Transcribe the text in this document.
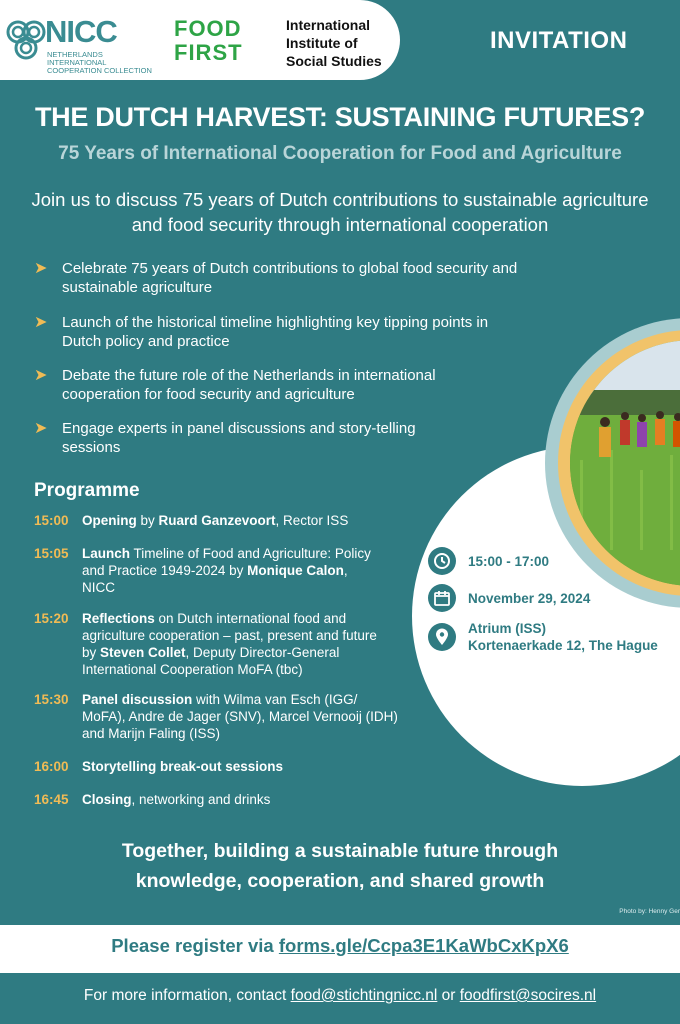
NICC
NETHERLANDS INTERNATIONAL COOPERATION COLLECTION
FOOD
FIRST
International Institute of Social Studies
INVITATION
THE DUTCH HARVEST: SUSTAINING FUTURES?
75 Years of International Cooperation for Food and Agriculture
Join us to discuss 75 years of Dutch contributions to sustainable agriculture and food security through international cooperation
➤ Celebrate 75 years of Dutch contributions to global food security and sustainable agriculture
➤ Launch of the historical timeline highlighting key tipping points in Dutch policy and practice
➤ Debate the future role of the Netherlands in international cooperation for food security and agriculture
➤ Engage experts in panel discussions and story-telling sessions
Programme
15:00 Opening by Ruard Ganzevoort, Rector ISS
15:05 Launch Timeline of Food and Agriculture: Policy and Practice 1949-2024 by Monique Calon, NICC
15:20 Reflections on Dutch international food and agriculture cooperation – past, present and future by Steven Collet, Deputy Director-General International Cooperation MoFA (tbc)
15:30 Panel discussion with Wilma van Esch (IGG/ MoFA), Andre de Jager (SNV), Marcel Vernooij (IDH) and Marijn Faling (ISS)
16:00 Storytelling break-out sessions
16:45 Closing, networking and drinks
15:00 - 17:00
November 29, 2024
Atrium (ISS)
Kortenaerkade 12, The Hague
Together, building a sustainable future through
knowledge, cooperation, and shared growth
Photo by: Henny Ger
Please register via forms.gle/Ccpa3E1KaWbCxKpX6
For more information, contact food@stichtingnicc.nl or foodfirst@socires.nl
